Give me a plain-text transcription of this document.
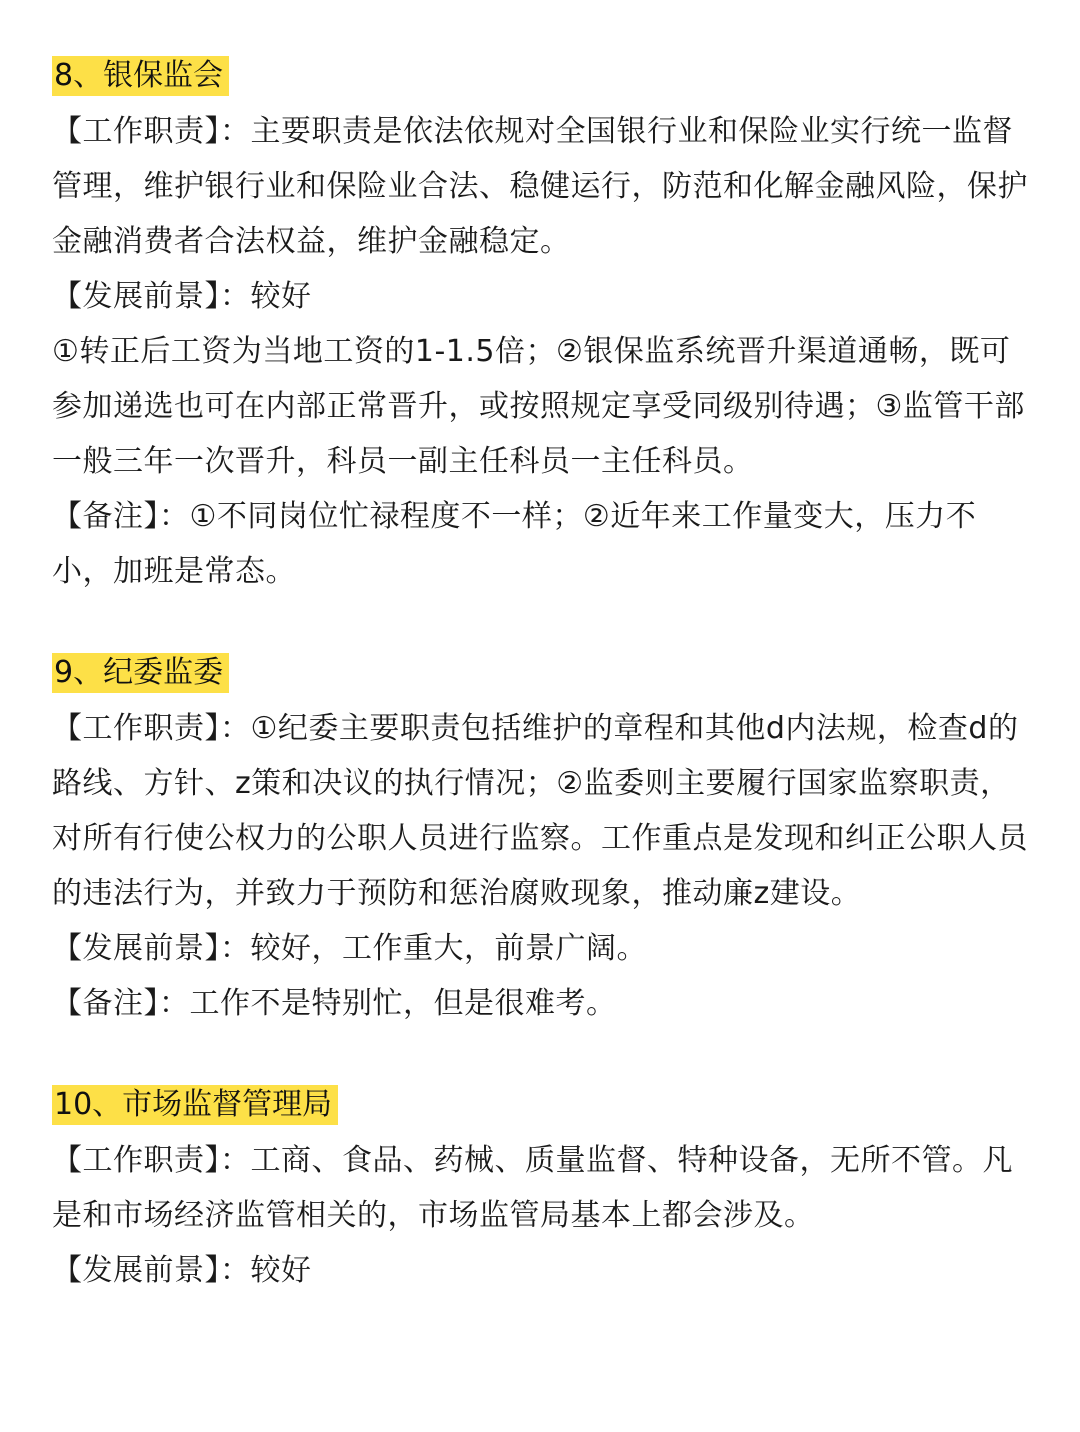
8、银保监会

【工作职责】：主要职责是依法依规对全国银行业和保险业实行统一监督管理，维护银行业和保险业合法、稳健运行，防范和化解金融风险，保护金融消费者合法权益，维护金融稳定。

【发展前景】：较好

①转正后工资为当地工资的1-1.5倍；②银保监系统晋升渠道通畅，既可参加递选也可在内部正常晋升，或按照规定享受同级别待遇；③监管干部一般三年一次晋升，科员一副主任科员一主任科员。

【备注】：①不同岗位忙禄程度不一样；②近年来工作量变大，压力不小，加班是常态。

9、纪委监委

【工作职责】：①纪委主要职责包括维护的章程和其他d内法规，检查d的路线、方针、z策和决议的执行情况；②监委则主要履行国家监察职责，对所有行使公权力的公职人员进行监察。工作重点是发现和纠正公职人员的违法行为，并致力于预防和惩治腐败现象，推动廉z建设。

【发展前景】：较好，工作重大，前景广阔。

【备注】：工作不是特别忙，但是很难考。

10、市场监督管理局

【工作职责】：工商、食品、药械、质量监督、特种设备，无所不管。凡是和市场经济监管相关的，市场监管局基本上都会涉及。

【发展前景】：较好
